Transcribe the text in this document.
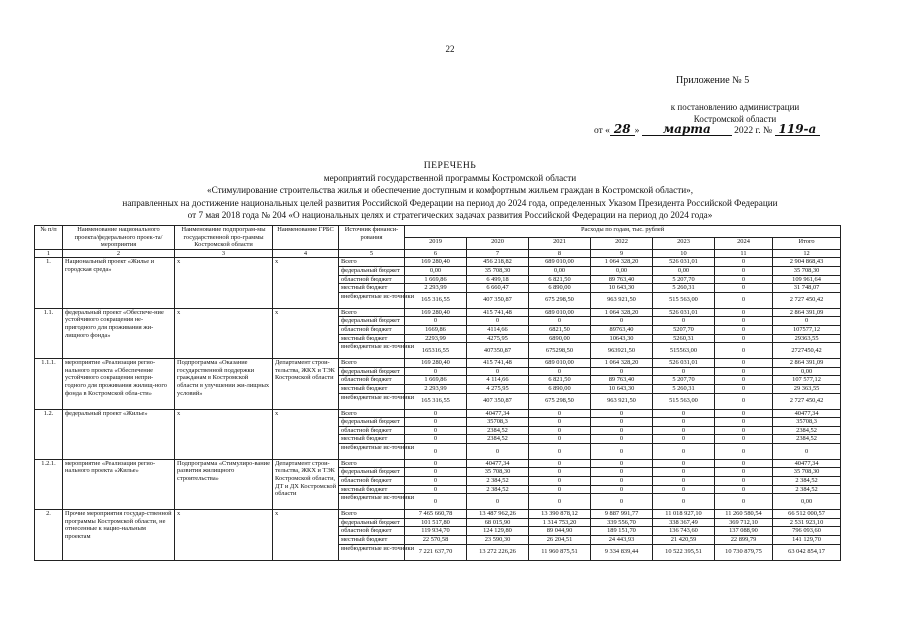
22
Приложение № 5
к постановлению администрации
Костромской области
от « 28 » марта 2022 г. № 119-а
ПЕРЕЧЕНЬ
мероприятий государственной программы Костромской области
«Стимулирование строительства жилья и обеспечение доступным и комфортным жильем граждан в Костромской области»,
направленных на достижение национальных целей развития Российской Федерации на период до 2024 года, определенных Указом Президента Российской Федерации
от 7 мая 2018 года № 204 «О национальных целях и стратегических задачах развития Российской Федерации на период до 2024 года»
№ п/п	Наименование национального проекта/федерального проек-та/мероприятия	Наименование подпрограм-мы государственной про-граммы Костромской области	Наименование ГРБС	Источник финанси-рования	Расходы по годам, тыс. рублей						
					2019	2020	2021	2022	2023	2024	Итого
1	2	3	4	5	6	7	8	9	10	11	12
1.	Национальный проект «Жилье и городская среда»	x	x	Всего	169 280,40	456 218,82	689 010,00	1 064 328,20	526 031,01	0	2 904 868,43
				федеральный бюджет	0,00	35 708,30	0,00	0,00	0,00	0	35 708,30
				областной бюджет	1 669,86	6 499,18	6 821,50	89 763,40	5 207,70	0	109 961,64
				местный бюджет	2 293,99	6 660,47	6 890,00	10 643,30	5 260,31	0	31 748,07
				внебюджетные ис-точники	165 316,55	407 350,87	675 298,50	963 921,50	515 563,00	0	2 727 450,42
1.1.	федеральный проект «Обеспече-ние устойчивого сокращения не-пригодного для проживания жи-лищного фонда»	x	x	Всего	169 280,40	415 741,48	689 010,00	1 064 328,20	526 031,01	0	2 864 391,09
				федеральный бюджет	0	0	0	0	0	0	0
				областной бюджет	1669,86	4114,66	6821,50	89763,40	5207,70	0	107577,12
				местный бюджет	2293,99	4275,95	6890,00	10643,30	5260,31	0	29363,55
				внебюджетные ис-точники	165316,55	407350,87	675298,50	963921,50	515563,00	0	2727450,42
1.1.1.	мероприятие «Реализация регио-нального проекта «Обеспечение устойчивого сокращения непри-годного для проживания жилищ-ного фонда в Костромской обла-сти»	Подпрограмма «Оказание государственной поддержки гражданам в Костромской области в улучшении жи-лищных условий»	Департамент строи-тельства, ЖКХ и ТЭК Костромской области	Всего	169 280,40	415 741,48	689 010,00	1 064 328,20	526 031,01	0	2 864 391,09
				федеральный бюджет	0	0	0	0	0	0	0,00
				областной бюджет	1 669,86	4 114,66	6 821,50	89 763,40	5 207,70	0	107 577,12
				местный бюджет	2 293,99	4 275,95	6 890,00	10 643,30	5 260,31	0	29 363,55
				внебюджетные ис-точники	165 316,55	407 350,87	675 298,50	963 921,50	515 563,00	0	2 727 450,42
1.2.	федеральный проект «Жилье»	x	x	Всего	0	40477,34	0	0	0	0	40477,34
				федеральный бюджет	0	35708,3	0	0	0	0	35708,3
				областной бюджет	0	2384,52	0	0	0	0	2384,52
				местный бюджет	0	2384,52	0	0	0	0	2384,52
				внебюджетные ис-точники	0	0	0	0	0	0	0
1.2.1.	мероприятие «Реализация регио-нального проекта «Жилье»	Подпрограмма «Стимулиро-вание развития жилищного строительства»	Департамент строи-тельства, ЖКХ и ТЭК Костромской области, ДТ и ДХ Костромской области	Всего	0	40477,34	0	0	0	0	40477,34
				федеральный бюджет	0	35 708,30	0	0	0	0	35 708,30
				областной бюджет	0	2 384,52	0	0	0	0	2 384,52
				местный бюджет	0	2 384,52	0	0	0	0	2 384,52
				внебюджетные ис-точники	0	0	0	0	0	0	0,00
2.	Прочие мероприятия государ-ственной программы Костромской области, не отнесенные к нацио-нальным проектам	x	x	Всего	7 465 660,78	13 487 962,26	13 390 878,12	9 887 991,77	11 018 927,10	11 260 580,54	66 512 000,57
				федеральный бюджет	101 517,80	68 015,90	1 314 753,20	339 556,70	338 367,49	369 712,10	2 531 923,10
				областной бюджет	119 934,70	124 129,80	89 044,90	189 151,70	136 743,60	137 088,90	796 093,60
				местный бюджет	22 570,58	23 590,30	26 204,51	24 443,93	21 420,59	22 899,79	141 129,70
				внебюджетные ис-точники	7 221 637,70	13 272 226,26	11 960 875,51	9 334 839,44	10 522 395,51	10 730 879,75	63 042 854,17
